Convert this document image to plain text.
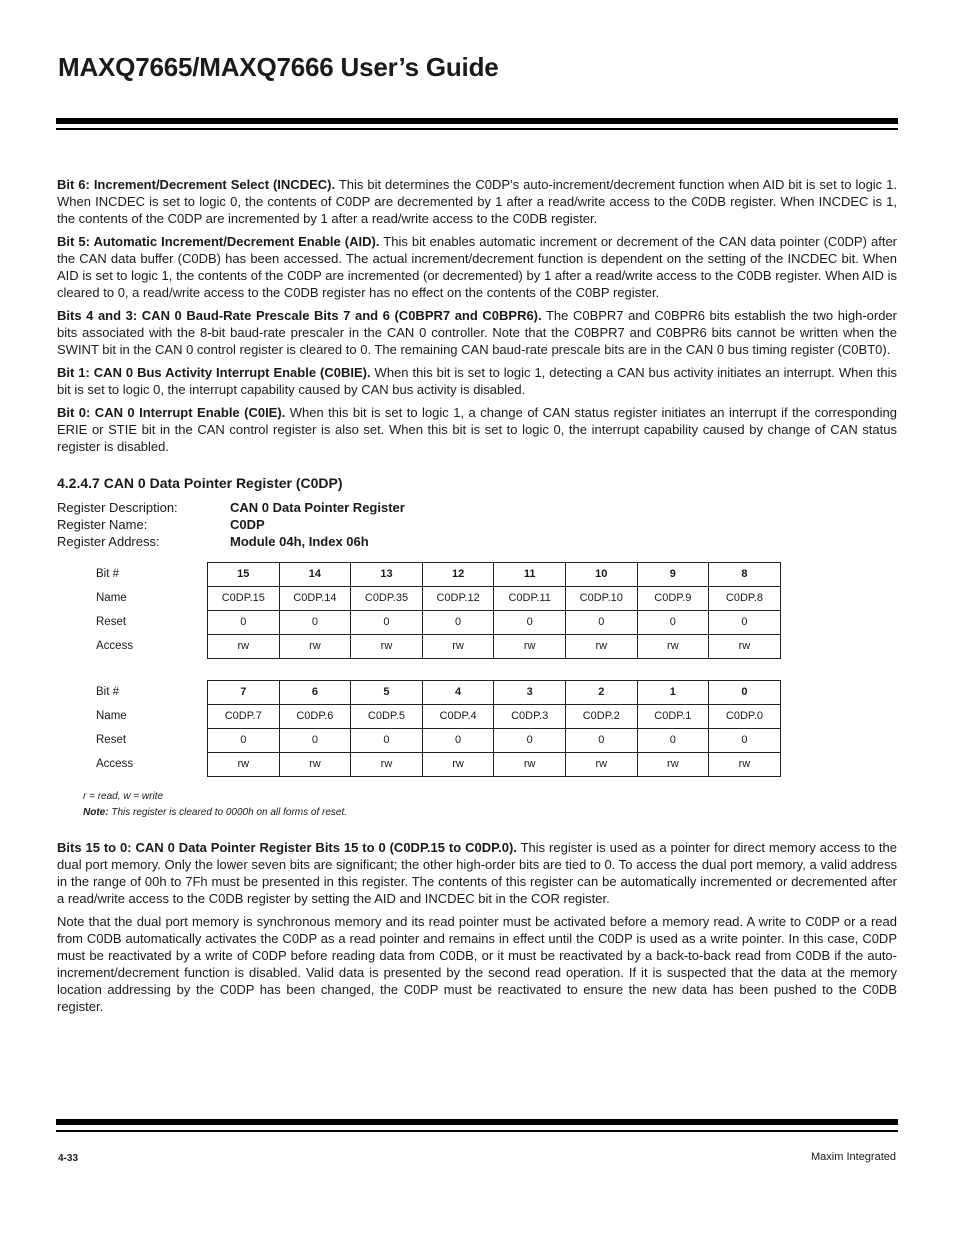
MAXQ7665/MAXQ7666 User’s Guide

Bit 6: Increment/Decrement Select (INCDEC). This bit determines the C0DP’s auto-increment/decrement function when AID bit is set to logic 1. When INCDEC is set to logic 0, the contents of C0DP are decremented by 1 after a read/write access to the C0DB register. When INCDEC is 1, the contents of the C0DP are incremented by 1 after a read/write access to the C0DB register.

Bit 5: Automatic Increment/Decrement Enable (AID). This bit enables automatic increment or decrement of the CAN data pointer (C0DP) after the CAN data buffer (C0DB) has been accessed. The actual increment/decrement function is dependent on the setting of the INCDEC bit. When AID is set to logic 1, the contents of the C0DP are incremented (or decremented) by 1 after a read/write access to the C0DB register. When AID is cleared to 0, a read/write access to the C0DB register has no effect on the contents of the C0BP register.

Bits 4 and 3: CAN 0 Baud-Rate Prescale Bits 7 and 6 (C0BPR7 and C0BPR6). The C0BPR7 and C0BPR6 bits establish the two high-order bits associated with the 8-bit baud-rate prescaler in the CAN 0 controller. Note that the C0BPR7 and C0BPR6 bits cannot be written when the SWINT bit in the CAN 0 control register is cleared to 0. The remaining CAN baud-rate prescale bits are in the CAN 0 bus timing register (C0BT0).

Bit 1: CAN 0 Bus Activity Interrupt Enable (C0BIE). When this bit is set to logic 1, detecting a CAN bus activity initiates an interrupt. When this bit is set to logic 0, the interrupt capability caused by CAN bus activity is disabled.

Bit 0: CAN 0 Interrupt Enable (C0IE). When this bit is set to logic 1, a change of CAN status register initiates an interrupt if the corresponding ERIE or STIE bit in the CAN control register is also set. When this bit is set to logic 0, the interrupt capability caused by change of CAN status register is disabled.

4.2.4.7 CAN 0 Data Pointer Register (C0DP)
Register Description:	CAN 0 Data Pointer Register
Register Name:	C0DP
Register Address:	Module 04h, Index 06h
Bit #	15	14	13	12	11	10	9	8
Name	C0DP.15	C0DP.14	C0DP.35	C0DP.12	C0DP.11	C0DP.10	C0DP.9	C0DP.8
Reset	0	0	0	0	0	0	0	0
Access	rw	rw	rw	rw	rw	rw	rw	rw
Bit #	7	6	5	4	3	2	1	0
Name	C0DP.7	C0DP.6	C0DP.5	C0DP.4	C0DP.3	C0DP.2	C0DP.1	C0DP.0
Reset	0	0	0	0	0	0	0	0
Access	rw	rw	rw	rw	rw	rw	rw	rw
r = read, w = write
Note: This register is cleared to 0000h on all forms of reset.

Bits 15 to 0: CAN 0 Data Pointer Register Bits 15 to 0 (C0DP.15 to C0DP.0). This register is used as a pointer for direct memory access to the dual port memory. Only the lower seven bits are significant; the other high-order bits are tied to 0. To access the dual port memory, a valid address in the range of 00h to 7Fh must be presented in this register. The contents of this register can be automatically incremented or decremented after a read/write access to the C0DB register by setting the AID and INCDEC bit in the COR register.

Note that the dual port memory is synchronous memory and its read pointer must be activated before a memory read. A write to C0DP or a read from C0DB automatically activates the C0DP as a read pointer and remains in effect until the C0DP is used as a write pointer. In this case, C0DP must be reactivated by a write of C0DP before reading data from C0DB, or it must be reactivated by a back-to-back read from C0DB if the auto-increment/decrement function is disabled. Valid data is presented by the second read operation. If it is suspected that the data at the memory location addressing by the C0DP has been changed, the C0DP must be reactivated to ensure the new data has been pushed to the C0DB register.

4-33	Maxim Integrated
